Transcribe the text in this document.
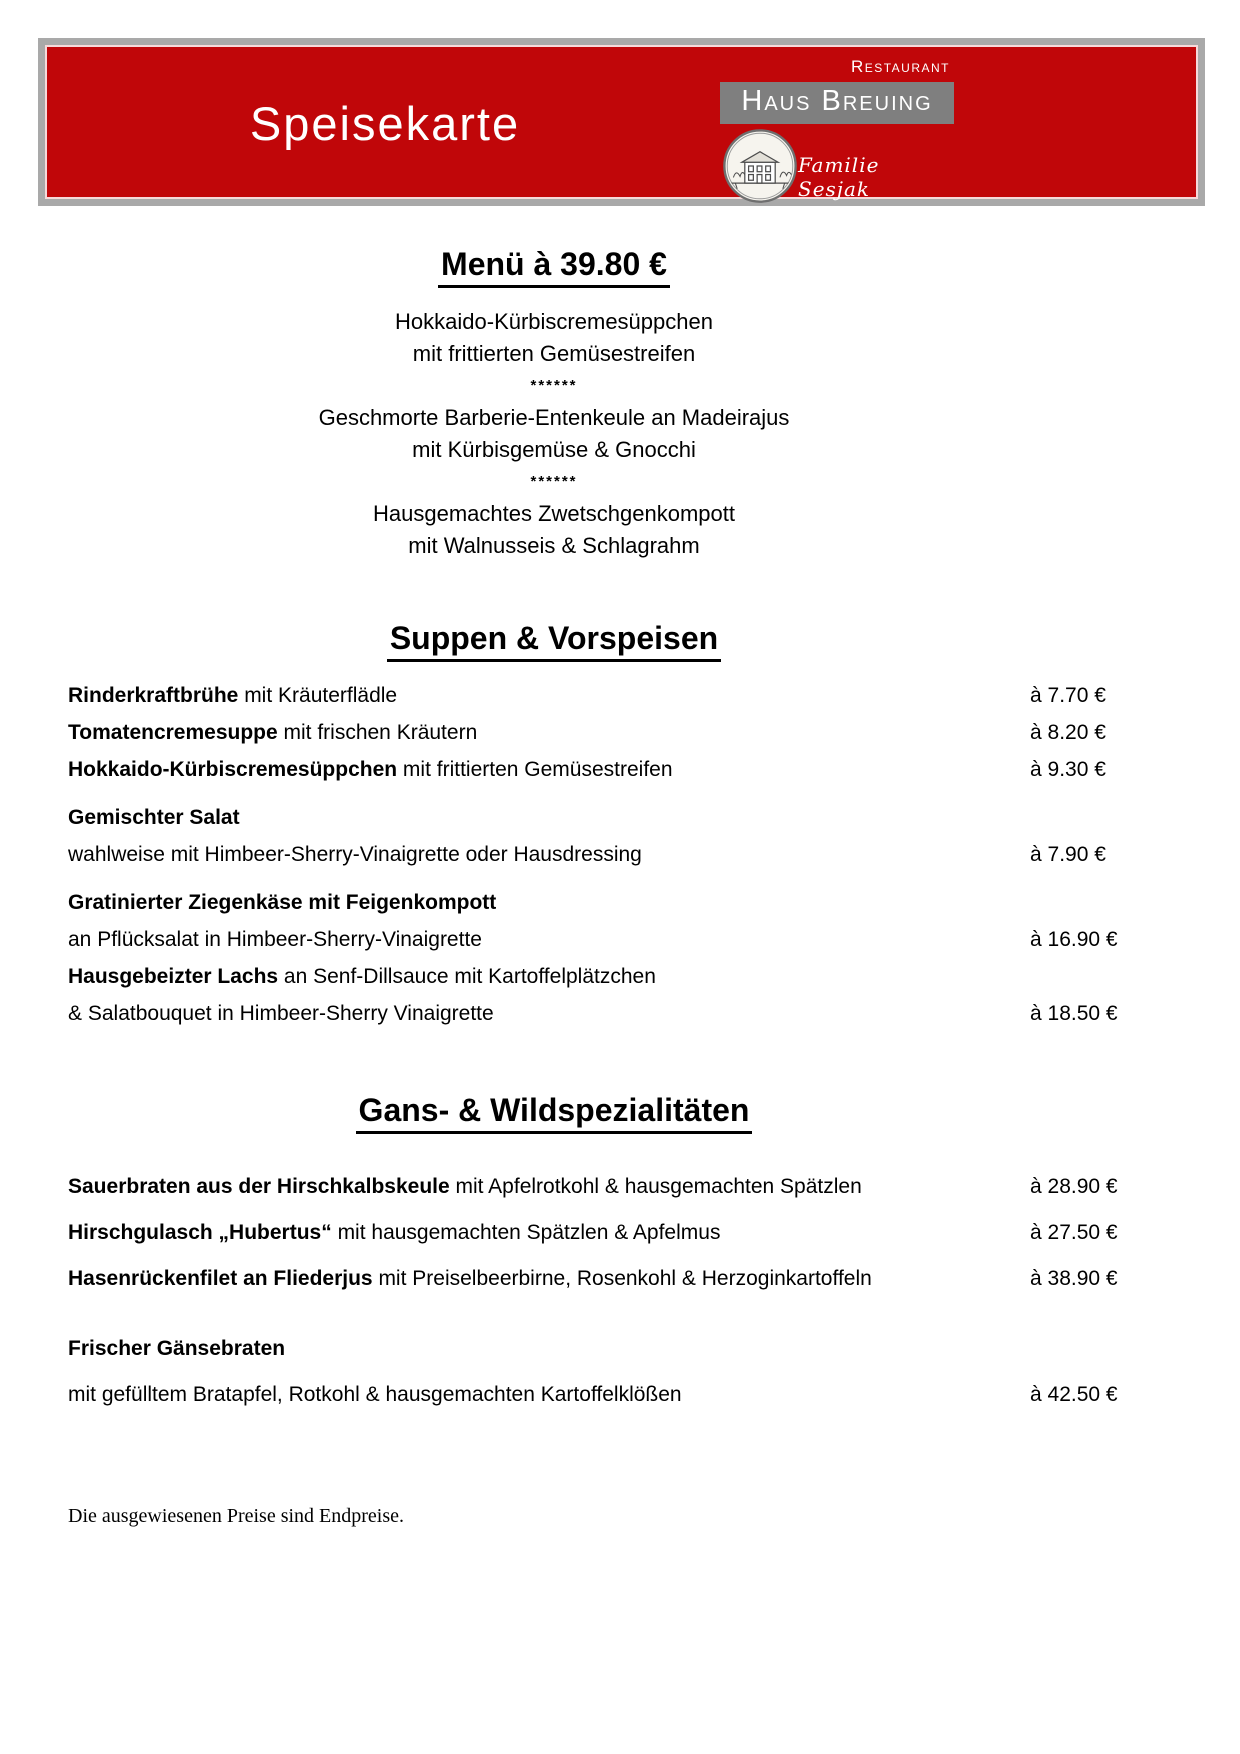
Speisekarte
Restaurant
Haus Breuing
Familie Sesjak
Menü à 39.80 €
Hokkaido-Kürbiscremesüppchen
mit frittierten Gemüsestreifen
******
Geschmorte Barberie-Entenkeule an Madeirajus
mit Kürbisgemüse & Gnocchi
******
Hausgemachtes Zwetschgenkompott
mit Walnusseis & Schlagrahm
Suppen & Vorspeisen
Rinderkraftbrühe mit Kräuterflädle	à 7.70 €
Tomatencremesuppe mit frischen Kräutern	à 8.20 €
Hokkaido-Kürbiscremesüppchen mit frittierten Gemüsestreifen	à 9.30 €
Gemischter Salat
wahlweise mit Himbeer-Sherry-Vinaigrette oder Hausdressing	à 7.90 €
Gratinierter Ziegenkäse mit Feigenkompott
an Pflücksalat in Himbeer-Sherry-Vinaigrette	à 16.90 €
Hausgebeizter Lachs an Senf-Dillsauce mit Kartoffelplätzchen
& Salatbouquet in Himbeer-Sherry Vinaigrette	à 18.50 €
Gans- & Wildspezialitäten
Sauerbraten aus der Hirschkalbskeule mit Apfelrotkohl & hausgemachten Spätzlen	à 28.90 €
Hirschgulasch „Hubertus“ mit hausgemachten Spätzlen & Apfelmus	à 27.50 €
Hasenrückenfilet an Fliederjus mit Preiselbeerbirne, Rosenkohl & Herzoginkartoffeln	à 38.90 €
Frischer Gänsebraten
mit gefülltem Bratapfel, Rotkohl & hausgemachten Kartoffelklößen	à 42.50 €
Die ausgewiesenen Preise sind Endpreise.
